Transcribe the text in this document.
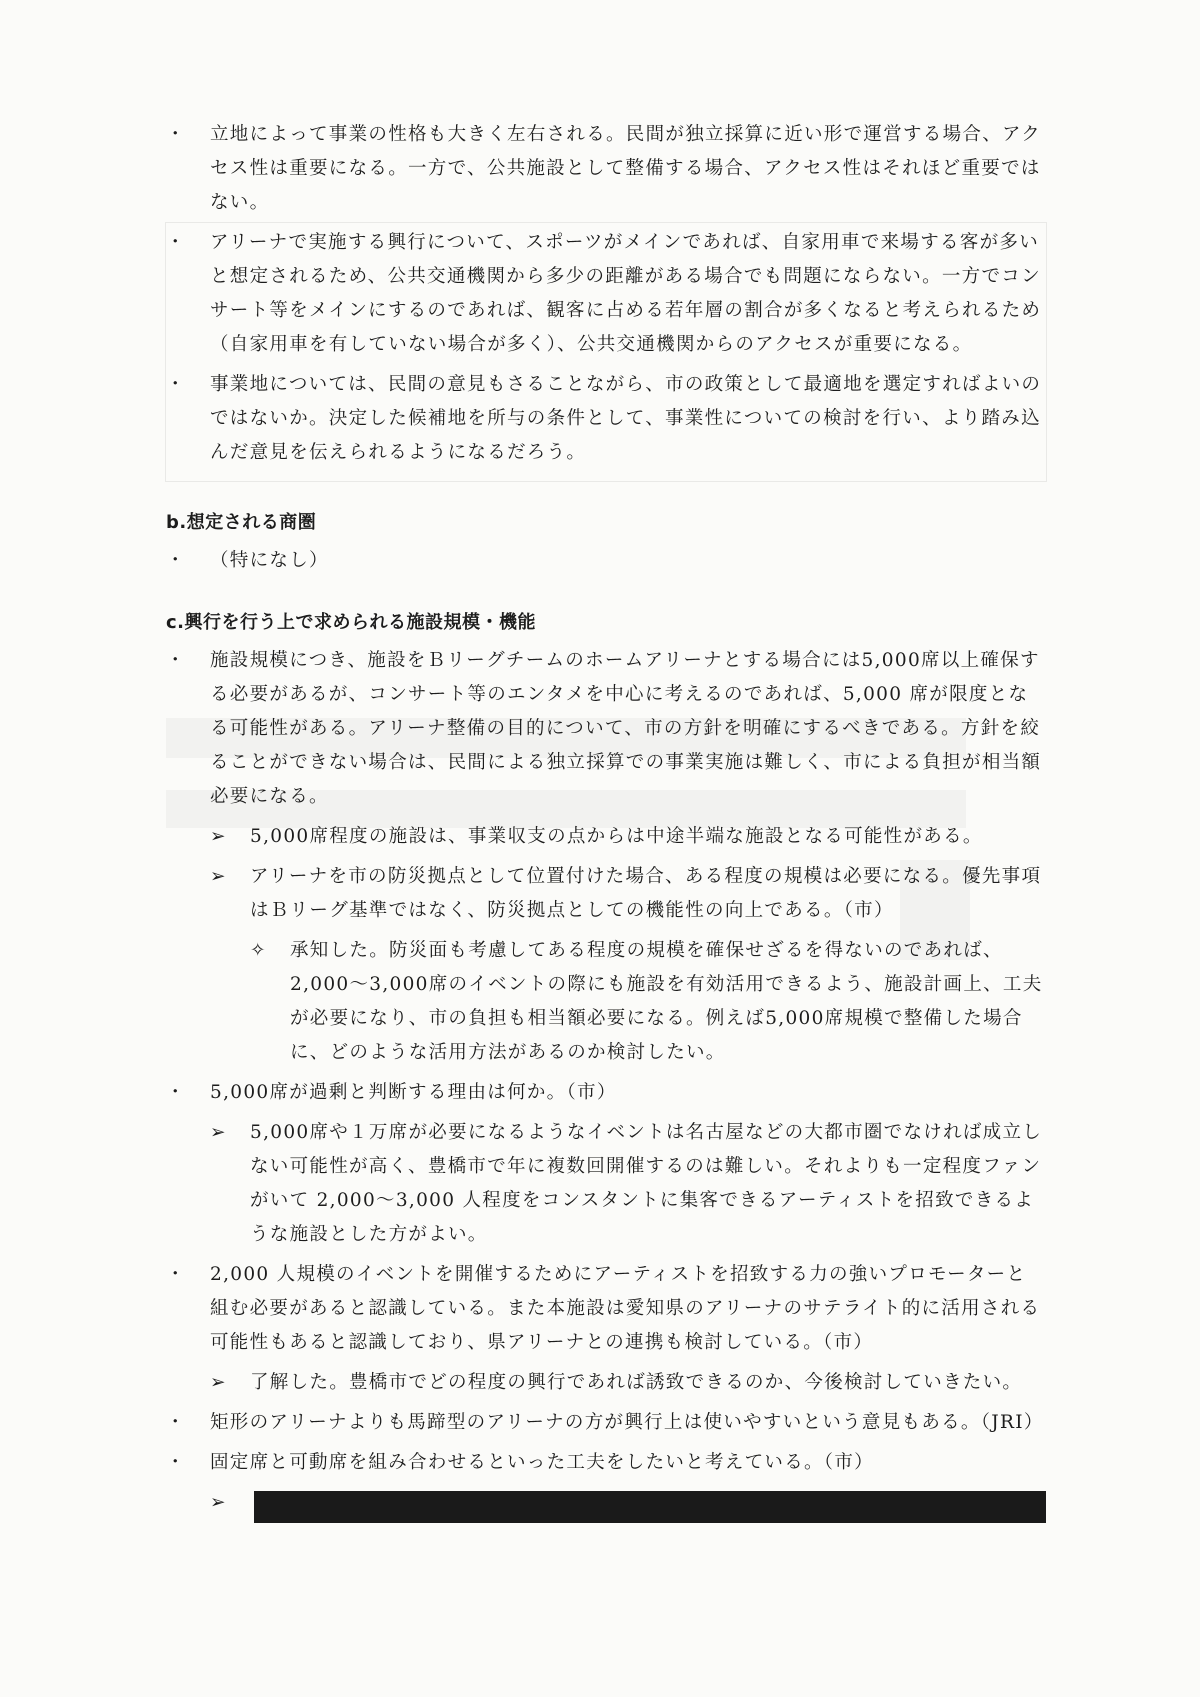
・ 立地によって事業の性格も大きく左右される。民間が独立採算に近い形で運営する場合、アクセス性は重要になる。一方で、公共施設として整備する場合、アクセス性はそれほど重要ではない。
・ アリーナで実施する興行について、スポーツがメインであれば、自家用車で来場する客が多いと想定されるため、公共交通機関から多少の距離がある場合でも問題にならない。一方でコンサート等をメインにするのであれば、観客に占める若年層の割合が多くなると考えられるため（自家用車を有していない場合が多く）、公共交通機関からのアクセスが重要になる。
・ 事業地については、民間の意見もさることながら、市の政策として最適地を選定すればよいのではないか。決定した候補地を所与の条件として、事業性についての検討を行い、より踏み込んだ意見を伝えられるようになるだろう。
b.想定される商圏
・ （特になし）
c.興行を行う上で求められる施設規模・機能
・ 施設規模につき、施設をＢリーグチームのホームアリーナとする場合には5,000席以上確保する必要があるが、コンサート等のエンタメを中心に考えるのであれば、5,000 席が限度となる可能性がある。アリーナ整備の目的について、市の方針を明確にするべきである。方針を絞ることができない場合は、民間による独立採算での事業実施は難しく、市による負担が相当額必要になる。
➢ 5,000席程度の施設は、事業収支の点からは中途半端な施設となる可能性がある。
➢ アリーナを市の防災拠点として位置付けた場合、ある程度の規模は必要になる。優先事項はＢリーグ基準ではなく、防災拠点としての機能性の向上である。（市）
✧ 承知した。防災面も考慮してある程度の規模を確保せざるを得ないのであれば、2,000～3,000席のイベントの際にも施設を有効活用できるよう、施設計画上、工夫が必要になり、市の負担も相当額必要になる。例えば5,000席規模で整備した場合に、どのような活用方法があるのか検討したい。
・ 5,000席が過剰と判断する理由は何か。（市）
➢ 5,000席や１万席が必要になるようなイベントは名古屋などの大都市圏でなければ成立しない可能性が高く、豊橋市で年に複数回開催するのは難しい。それよりも一定程度ファンがいて 2,000～3,000 人程度をコンスタントに集客できるアーティストを招致できるような施設とした方がよい。
・ 2,000 人規模のイベントを開催するためにアーティストを招致する力の強いプロモーターと組む必要があると認識している。また本施設は愛知県のアリーナのサテライト的に活用される可能性もあると認識しており、県アリーナとの連携も検討している。（市）
➢ 了解した。豊橋市でどの程度の興行であれば誘致できるのか、今後検討していきたい。
・ 矩形のアリーナよりも馬蹄型のアリーナの方が興行上は使いやすいという意見もある。（JRI）
・ 固定席と可動席を組み合わせるといった工夫をしたいと考えている。（市）
➢
